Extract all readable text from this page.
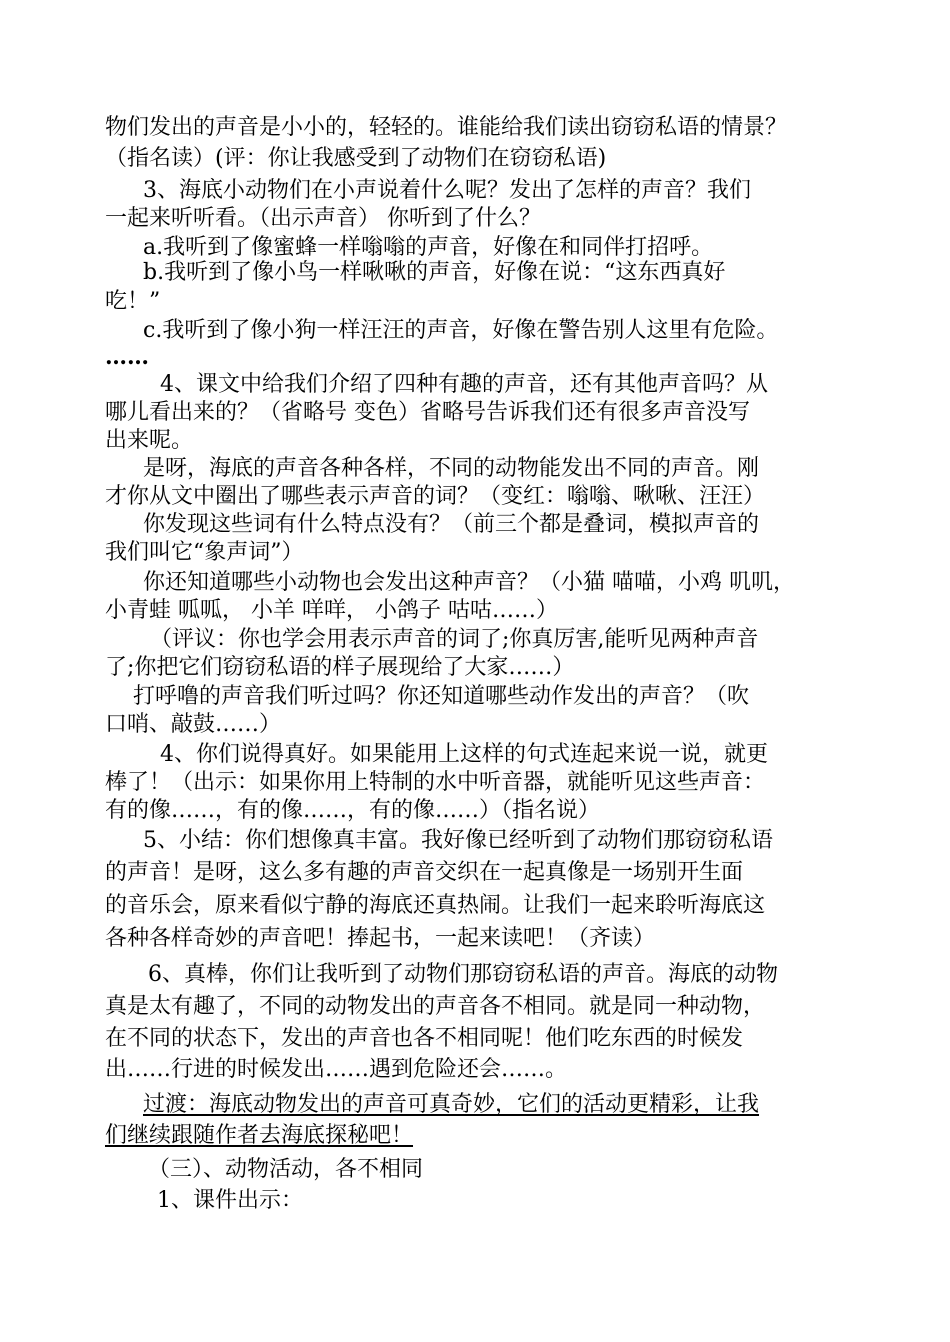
物们发出的声音是小小的，轻轻的。谁能给我们读出窃窃私语的情景？
（指名读）(评：你让我感受到了动物们在窃窃私语)
3、海底小动物们在小声说着什么呢？发出了怎样的声音？我们
一起来听听看。（出示声音） 你听到了什么？
a.我听到了像蜜蜂一样嗡嗡的声音，好像在和同伴打招呼。
b.我听到了像小鸟一样啾啾的声音，好像在说：“这东西真好
吃！”
c.我听到了像小狗一样汪汪的声音，好像在警告别人这里有危险。
……
4、课文中给我们介绍了四种有趣的声音，还有其他声音吗？从
哪儿看出来的？（省略号 变色）省略号告诉我们还有很多声音没写
出来呢。
是呀，海底的声音各种各样，不同的动物能发出不同的声音。刚
才你从文中圈出了哪些表示声音的词？（变红：嗡嗡、啾啾、汪汪）
你发现这些词有什么特点没有？（前三个都是叠词，模拟声音的
我们叫它“象声词”）
你还知道哪些小动物也会发出这种声音？（小猫 喵喵，小鸡 叽叽，
小青蛙 呱呱， 小羊 咩咩， 小鸽子 咕咕……）
（评议：你也学会用表示声音的词了;你真厉害,能听见两种声音
了;你把它们窃窃私语的样子展现给了大家……）
打呼噜的声音我们听过吗？你还知道哪些动作发出的声音？（吹
口哨、敲鼓……）
4、你们说得真好。如果能用上这样的句式连起来说一说，就更
棒了！（出示：如果你用上特制的水中听音器，就能听见这些声音：
有的像……，有的像……，有的像……）（指名说）
5、小结：你们想像真丰富。我好像已经听到了动物们那窃窃私语
的声音！是呀，这么多有趣的声音交织在一起真像是一场别开生面
的音乐会，原来看似宁静的海底还真热闹。让我们一起来聆听海底这
各种各样奇妙的声音吧！捧起书，一起来读吧！（齐读）
6、真棒，你们让我听到了动物们那窃窃私语的声音。海底的动物
真是太有趣了，不同的动物发出的声音各不相同。就是同一种动物，
在不同的状态下，发出的声音也各不相同呢！他们吃东西的时候发
出……行进的时候发出……遇到危险还会……。
过渡：海底动物发出的声音可真奇妙，它们的活动更精彩，让我
们继续跟随作者去海底探秘吧！
（三）、动物活动，各不相同
1、课件出示：
